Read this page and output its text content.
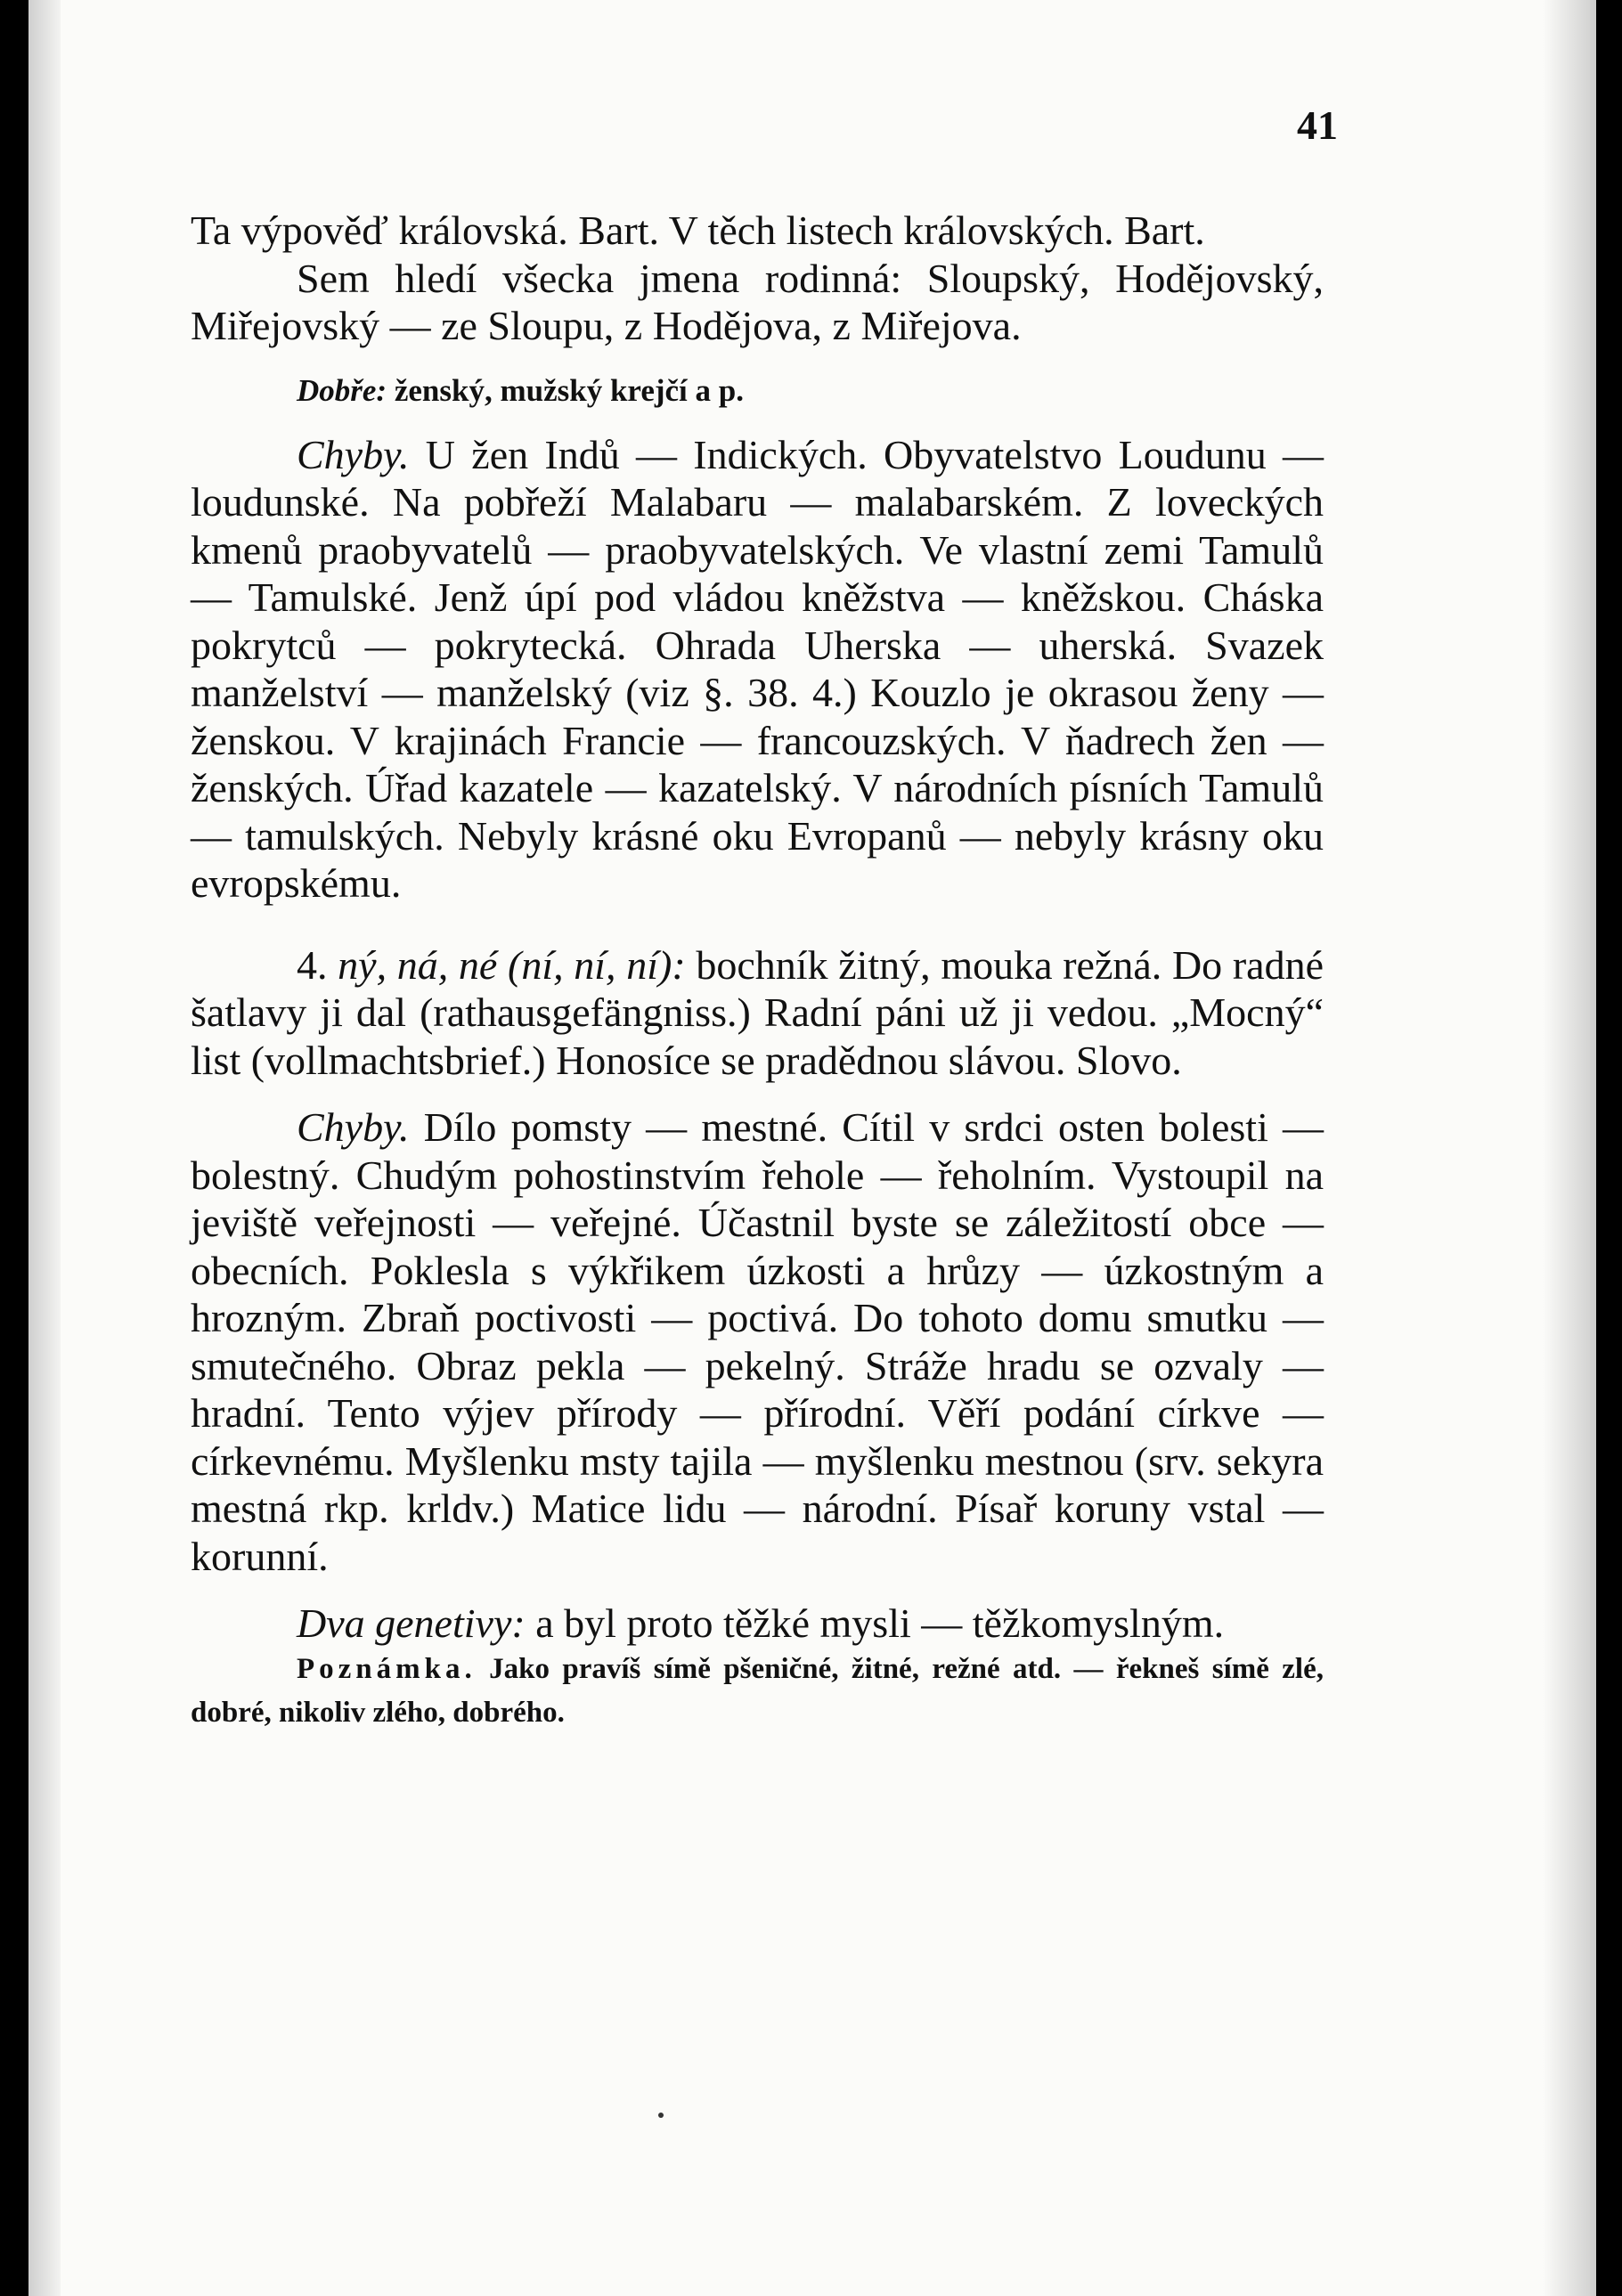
41

Ta výpověď královská. Bart. V těch listech královských. Bart.

Sem hledí všecka jmena rodinná: Sloupský, Hodějovský, Miřejovský — ze Sloupu, z Hodějova, z Miřejova.

Dobře: ženský, mužský krejčí a p.

Chyby. U žen Indů — Indických. Obyvatelstvo Loudunu — loudunské. Na pobřeží Malabaru — malabarském. Z loveckých kmenů praobyvatelů — praobyvatelských. Ve vlastní zemi Tamulů — Tamulské. Jenž úpí pod vládou kněžstva — kněžskou. Cháska pokrytců — pokrytecká. Ohrada Uherska — uherská. Svazek manželství — manželský (viz §. 38. 4.) Kouzlo je okrasou ženy — ženskou. V krajinách Francie — francouzských. V ňadrech žen — ženských. Úřad kazatele — kazatelský. V národních písních Tamulů — tamulských. Nebyly krásné oku Evropanů — nebyly krásny oku evropskému.

4. ný, ná, né (ní, ní, ní): bochník žitný, mouka režná. Do radné šatlavy ji dal (rathausgefängniss.) Radní páni už ji vedou. „Mocný“ list (vollmachtsbrief.) Honosíce se pradědnou slávou. Slovo.

Chyby. Dílo pomsty — mestné. Cítil v srdci osten bolesti — bolestný. Chudým pohostinstvím řehole — řeholním. Vystoupil na jeviště veřejnosti — veřejné. Účastnil byste se záležitostí obce — obecních. Poklesla s výkřikem úzkosti a hrůzy — úzkostným a hrozným. Zbraň poctivosti — poctivá. Do tohoto domu smutku — smutečného. Obraz pekla — pekelný. Stráže hradu se ozvaly — hradní. Tento výjev přírody — přírodní. Věří podání církve — církevnému. Myšlenku msty tajila — myšlenku mestnou (srv. sekyra mestná rkp. krldv.) Matice lidu — národní. Písař koruny vstal — korunní.

Dva genetivy: a byl proto těžké mysli — těžkomyslným.

Poznámka. Jako pravíš símě pšeničné, žitné, režné atd. — řekneš símě zlé, dobré, nikoliv zlého, dobrého.
